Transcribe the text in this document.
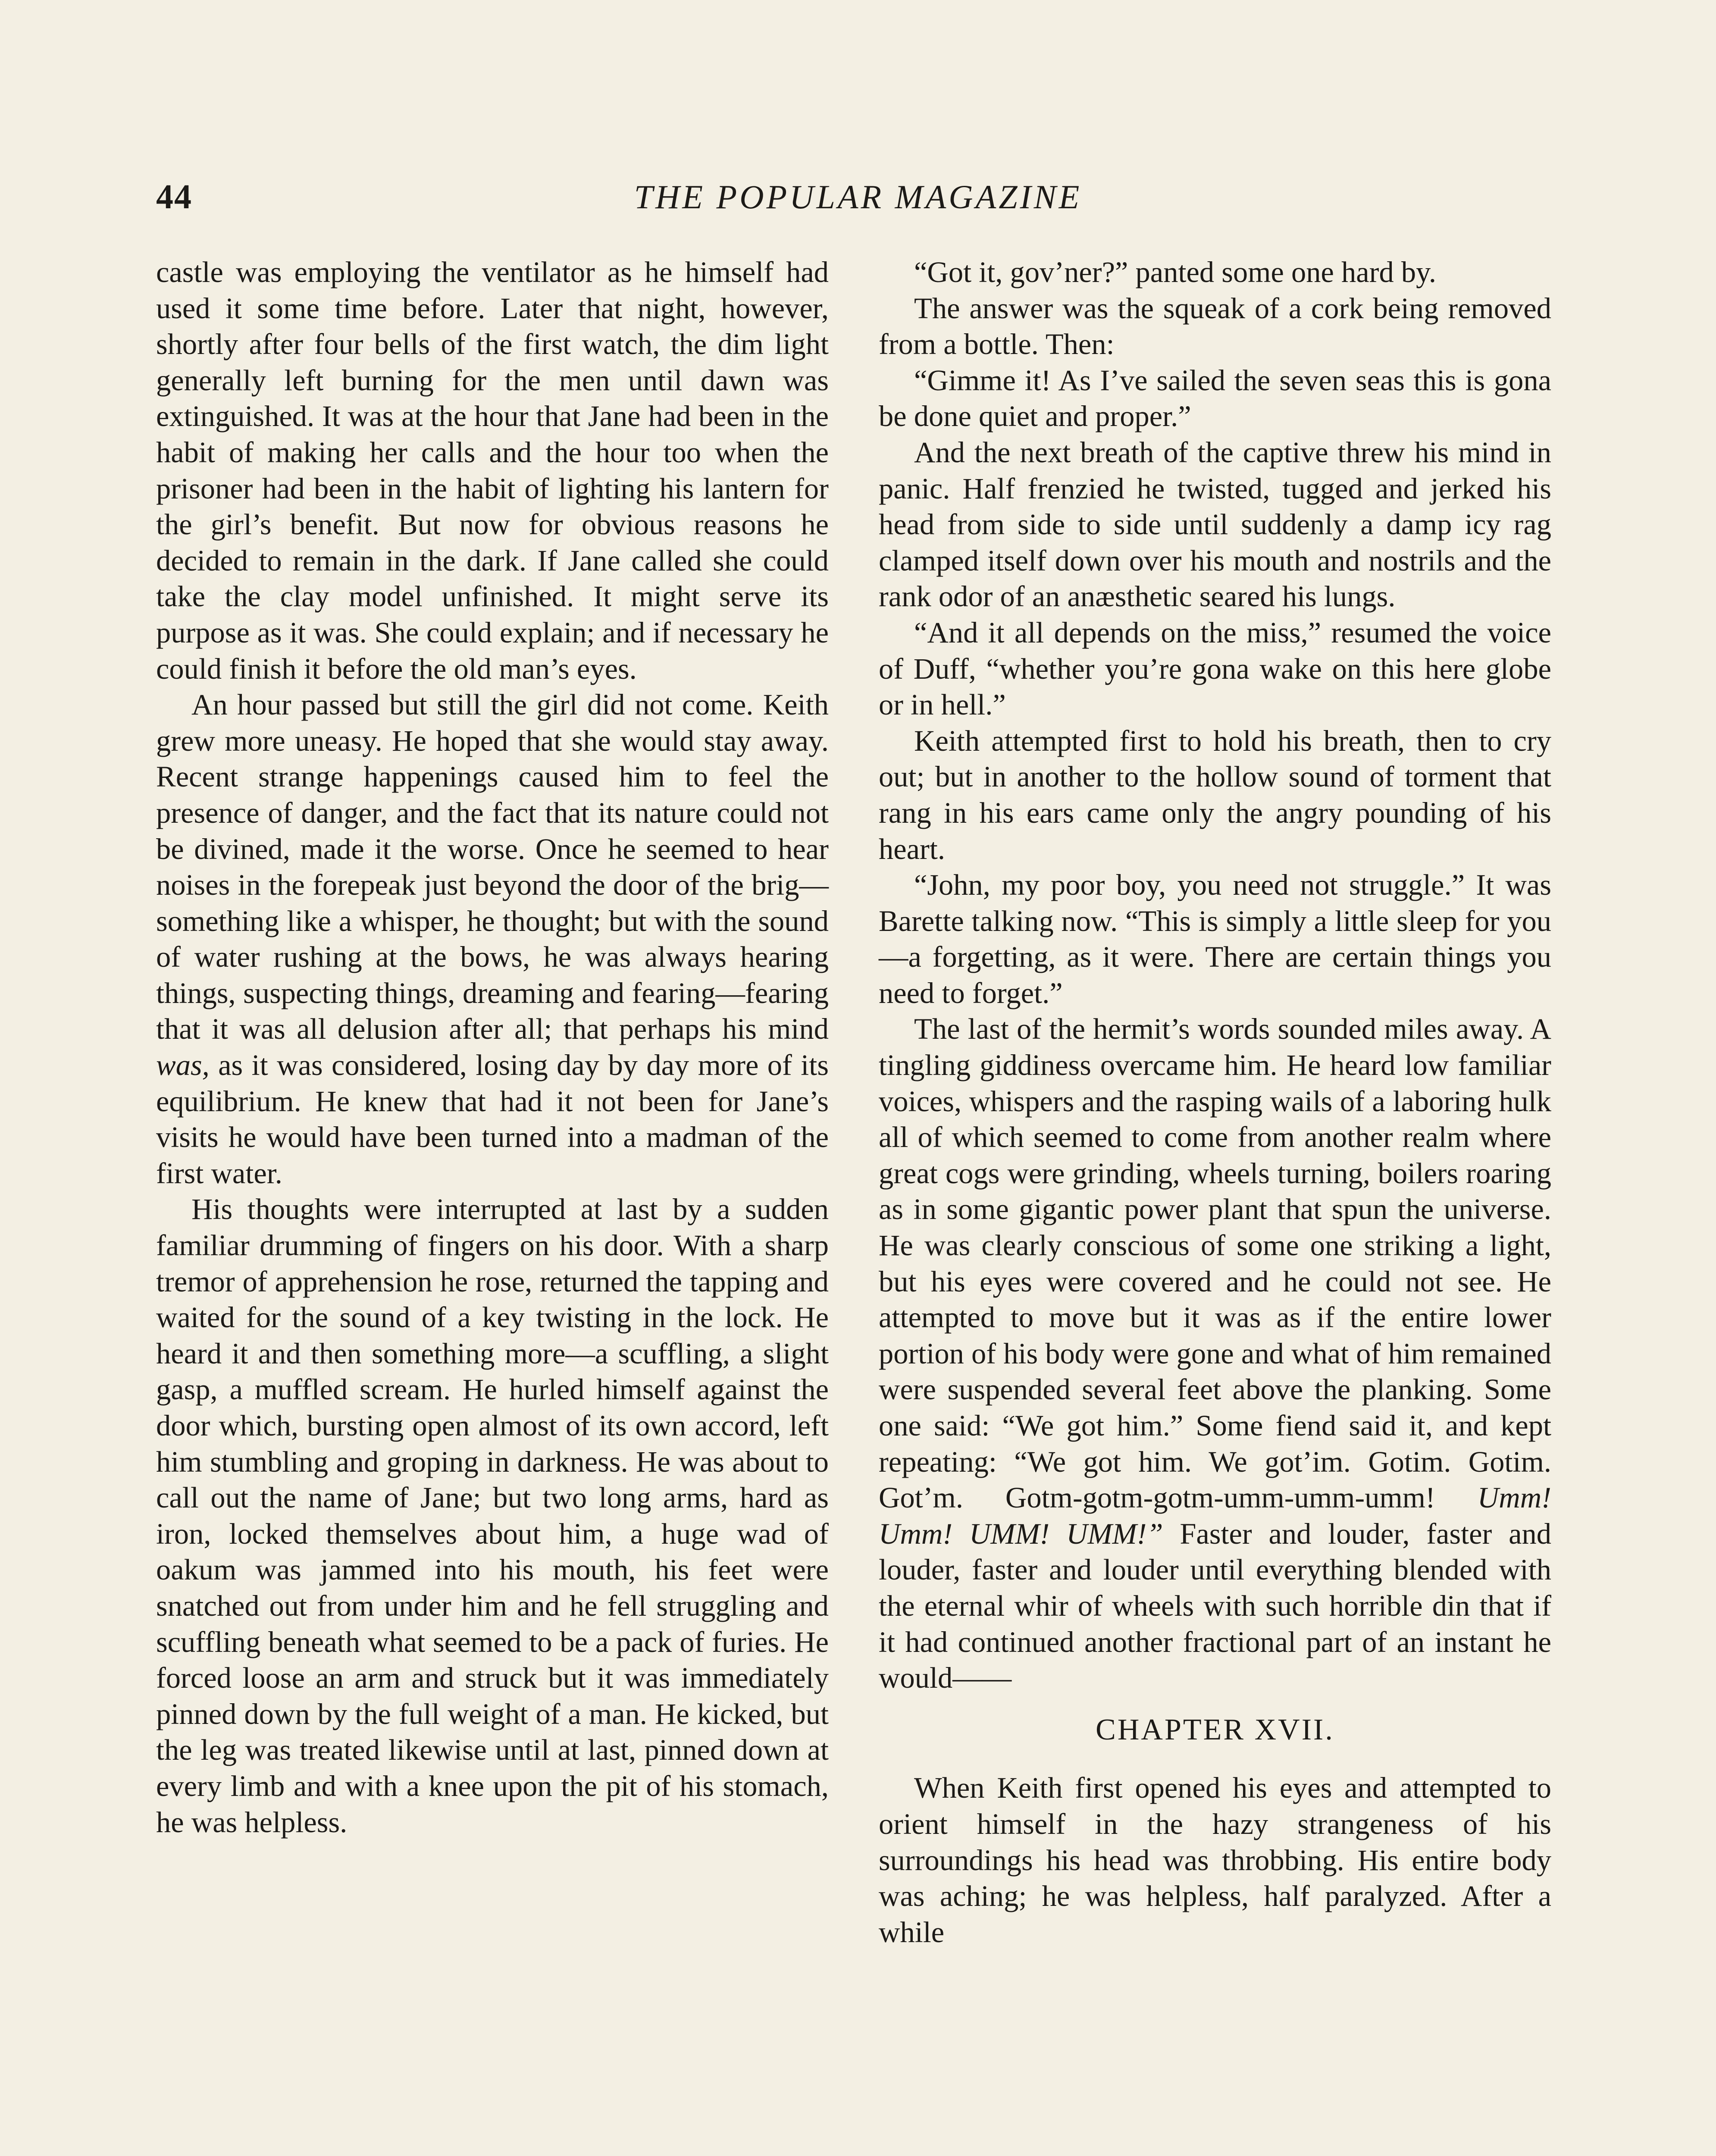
44	THE POPULAR MAGAZINE

castle was employing the ventilator as he himself had used it some time before. Later that night, however, shortly after four bells of the first watch, the dim light generally left burning for the men until dawn was extinguished. It was at the hour that Jane had been in the habit of making her calls and the hour too when the prisoner had been in the habit of lighting his lantern for the girl’s benefit. But now for obvious reasons he decided to remain in the dark. If Jane called she could take the clay model unfinished. It might serve its purpose as it was. She could explain; and if necessary he could finish it before the old man’s eyes.

An hour passed but still the girl did not come. Keith grew more uneasy. He hoped that she would stay away. Recent strange happenings caused him to feel the presence of danger, and the fact that its nature could not be divined, made it the worse. Once he seemed to hear noises in the forepeak just beyond the door of the brig—something like a whisper, he thought; but with the sound of water rushing at the bows, he was always hearing things, suspecting things, dreaming and fearing—fearing that it was all delusion after all; that perhaps his mind was, as it was considered, losing day by day more of its equilibrium. He knew that had it not been for Jane’s visits he would have been turned into a madman of the first water.

His thoughts were interrupted at last by a sudden familiar drumming of fingers on his door. With a sharp tremor of apprehension he rose, returned the tapping and waited for the sound of a key twisting in the lock. He heard it and then something more—a scuffling, a slight gasp, a muffled scream. He hurled himself against the door which, bursting open almost of its own accord, left him stumbling and groping in darkness. He was about to call out the name of Jane; but two long arms, hard as iron, locked themselves about him, a huge wad of oakum was jammed into his mouth, his feet were snatched out from under him and he fell struggling and scuffling beneath what seemed to be a pack of furies. He forced loose an arm and struck but it was immediately pinned down by the full weight of a man. He kicked, but the leg was treated likewise until at last, pinned down at every limb and with a knee upon the pit of his stomach, he was helpless.

“Got it, gov’ner?” panted some one hard by.

The answer was the squeak of a cork being removed from a bottle. Then:

“Gimme it! As I’ve sailed the seven seas this is gona be done quiet and proper.”

And the next breath of the captive threw his mind in panic. Half frenzied he twisted, tugged and jerked his head from side to side until suddenly a damp icy rag clamped itself down over his mouth and nostrils and the rank odor of an anæsthetic seared his lungs.

“And it all depends on the miss,” resumed the voice of Duff, “whether you’re gona wake on this here globe or in hell.”

Keith attempted first to hold his breath, then to cry out; but in another to the hollow sound of torment that rang in his ears came only the angry pounding of his heart.

“John, my poor boy, you need not struggle.” It was Barette talking now. “This is simply a little sleep for you—a forgetting, as it were. There are certain things you need to forget.”

The last of the hermit’s words sounded miles away. A tingling giddiness overcame him. He heard low familiar voices, whispers and the rasping wails of a laboring hulk all of which seemed to come from another realm where great cogs were grinding, wheels turning, boilers roaring as in some gigantic power plant that spun the universe. He was clearly conscious of some one striking a light, but his eyes were covered and he could not see. He attempted to move but it was as if the entire lower portion of his body were gone and what of him remained were suspended several feet above the planking. Some one said: “We got him.” Some fiend said it, and kept repeating: “We got him. We got’im. Gotim. Gotim. Got’m. Gotm-gotm-gotm-umm-umm-umm! Umm! Umm! UMM! UMM!” Faster and louder, faster and louder, faster and louder until everything blended with the eternal whir of wheels with such horrible din that if it had continued another fractional part of an instant he would——

CHAPTER XVII.

When Keith first opened his eyes and attempted to orient himself in the hazy strangeness of his surroundings his head was throbbing. His entire body was aching; he was helpless, half paralyzed. After a while
